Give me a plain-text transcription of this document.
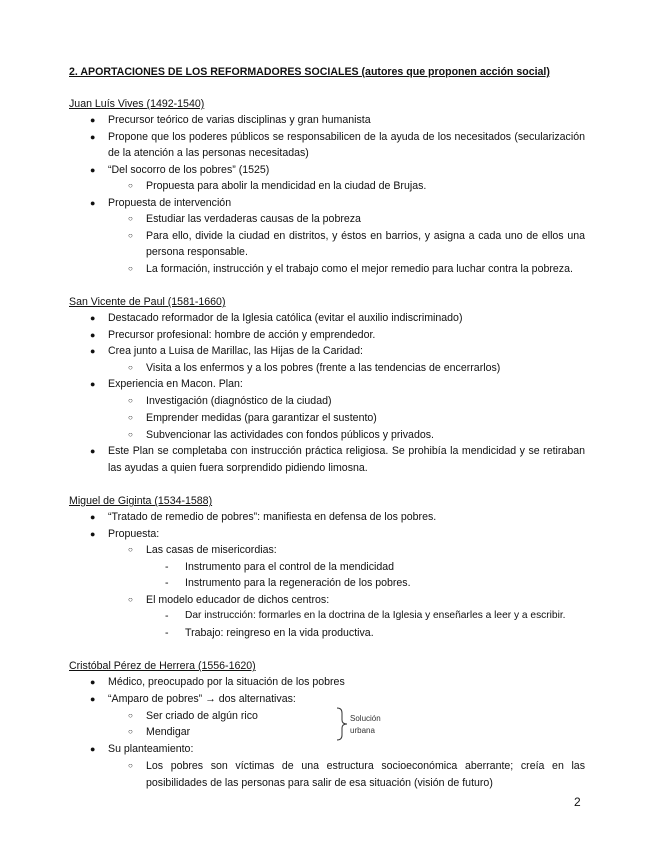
2. APORTACIONES DE LOS REFORMADORES SOCIALES (autores que proponen acción social)
Juan Luís Vives (1492-1540)
● Precursor teórico de varias disciplinas y gran humanista
● Propone que los poderes públicos se responsabilicen de la ayuda de los necesitados (secularización
de la atención a las personas necesitadas)
● “Del socorro de los pobres” (1525)
○ Propuesta para abolir la mendicidad en la ciudad de Brujas.
● Propuesta de intervención
○ Estudiar las verdaderas causas de la pobreza
○ Para ello, divide la ciudad en distritos, y éstos en barrios, y asigna a cada uno de ellos una
persona responsable.
○ La formación, instrucción y el trabajo como el mejor remedio para luchar contra la pobreza.
San Vicente de Paul (1581-1660)
● Destacado reformador de la Iglesia católica (evitar el auxilio indiscriminado)
● Precursor profesional: hombre de acción y emprendedor.
● Crea junto a Luisa de Marillac, las Hijas de la Caridad:
○ Visita a los enfermos y a los pobres (frente a las tendencias de encerrarlos)
● Experiencia en Macon. Plan:
○ Investigación (diagnóstico de la ciudad)
○ Emprender medidas (para garantizar el sustento)
○ Subvencionar las actividades con fondos públicos y privados.
● Este Plan se completaba con instrucción práctica religiosa. Se prohibía la mendicidad y se retiraban
las ayudas a quien fuera sorprendido pidiendo limosna.
Miguel de Giginta (1534-1588)
● “Tratado de remedio de pobres”: manifiesta en defensa de los pobres.
● Propuesta:
○ Las casas de misericordias:
- Instrumento para el control de la mendicidad
- Instrumento para la regeneración de los pobres.
○ El modelo educador de dichos centros:
- Dar instrucción: formarles en la doctrina de la Iglesia y enseñarles a leer y a escribir.
- Trabajo: reingreso en la vida productiva.
Cristóbal Pérez de Herrera (1556-1620)
● Médico, preocupado por la situación de los pobres
● “Amparo de pobres” → dos alternativas:
○ Ser criado de algún rico
○ Mendigar
Solución
urbana
● Su planteamiento:
○ Los pobres son víctimas de una estructura socioeconómica aberrante; creía en las
posibilidades de las personas para salir de esa situación (visión de futuro)
2
